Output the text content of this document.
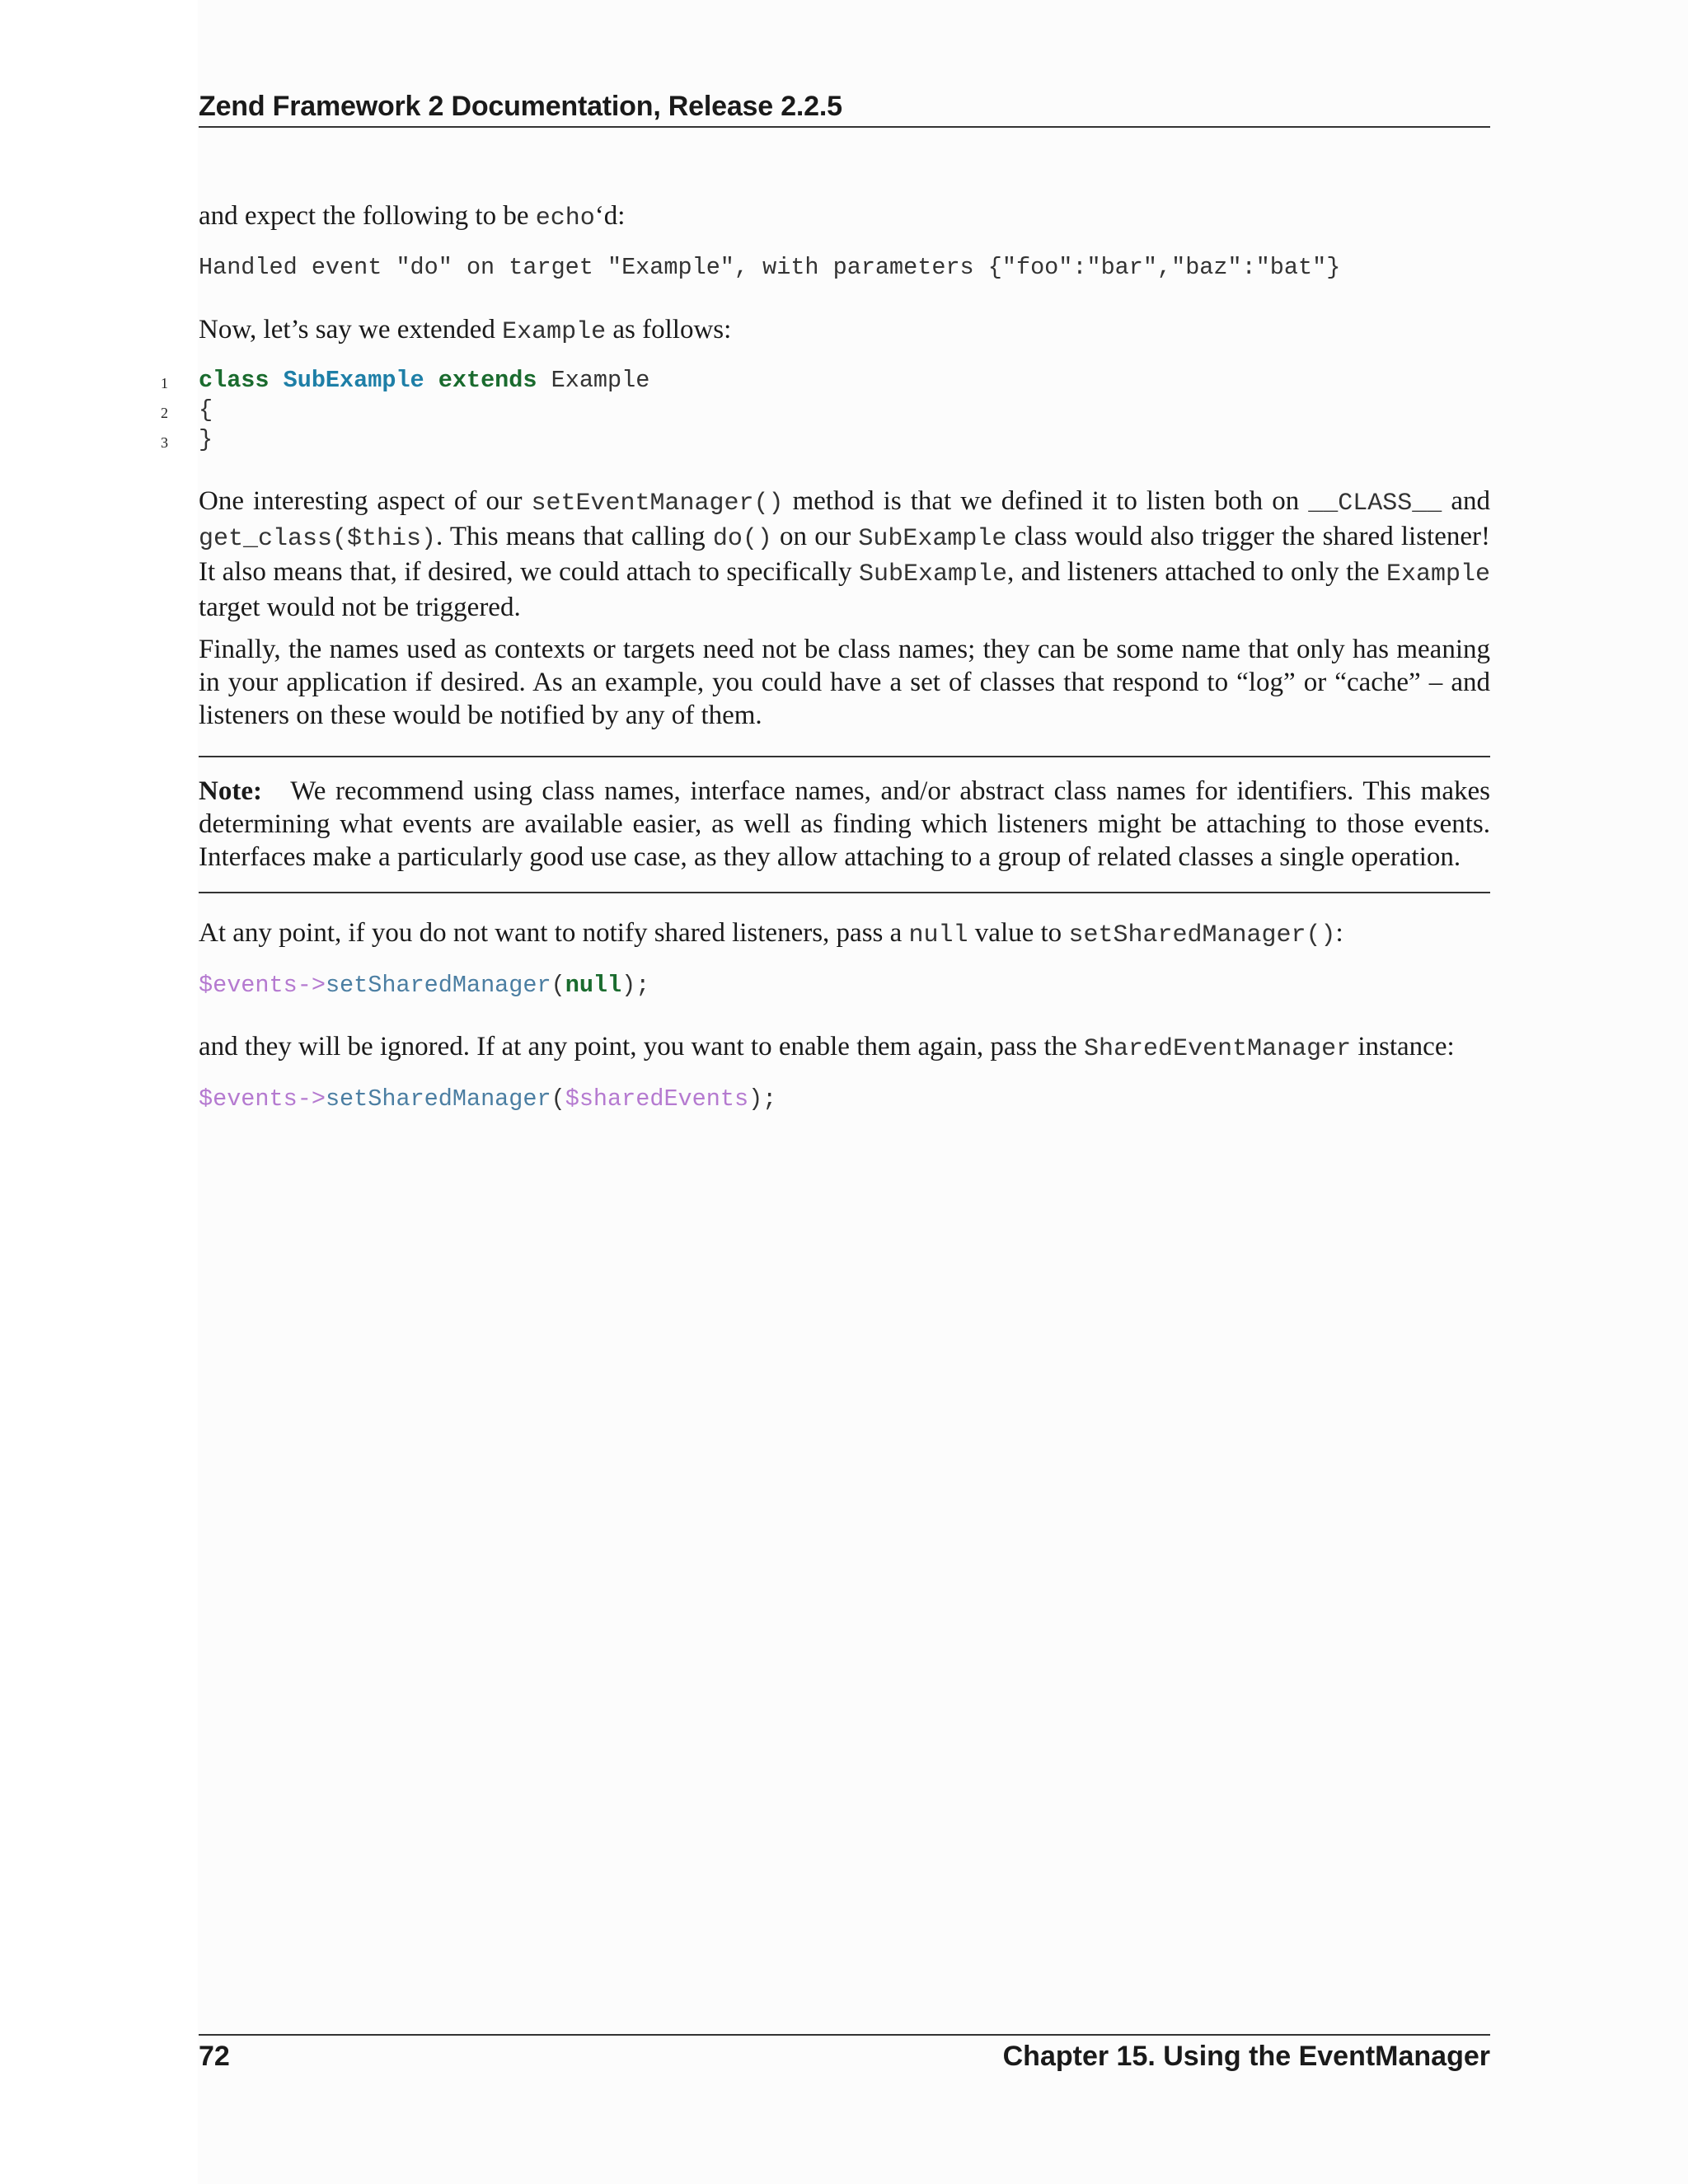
Zend Framework 2 Documentation, Release 2.2.5

and expect the following to be echo‘d:

Handled event "do" on target "Example", with parameters {"foo":"bar","baz":"bat"}

Now, let’s say we extended Example as follows:

1
2
3
class SubExample extends Example
{
}

One interesting aspect of our setEventManager() method is that we defined it to listen both on __CLASS__ and get_class($this). This means that calling do() on our SubExample class would also trigger the shared listener! It also means that, if desired, we could attach to specifically SubExample, and listeners attached to only the Example target would not be triggered.

Finally, the names used as contexts or targets need not be class names; they can be some name that only has meaning in your application if desired. As an example, you could have a set of classes that respond to “log” or “cache” – and listeners on these would be notified by any of them.

Note: We recommend using class names, interface names, and/or abstract class names for identifiers. This makes determining what events are available easier, as well as finding which listeners might be attaching to those events. Interfaces make a particularly good use case, as they allow attaching to a group of related classes a single operation.

At any point, if you do not want to notify shared listeners, pass a null value to setSharedManager():

$events->setSharedManager(null);

and they will be ignored. If at any point, you want to enable them again, pass the SharedEventManager instance:

$events->setSharedManager($sharedEvents);
72	Chapter 15. Using the EventManager
